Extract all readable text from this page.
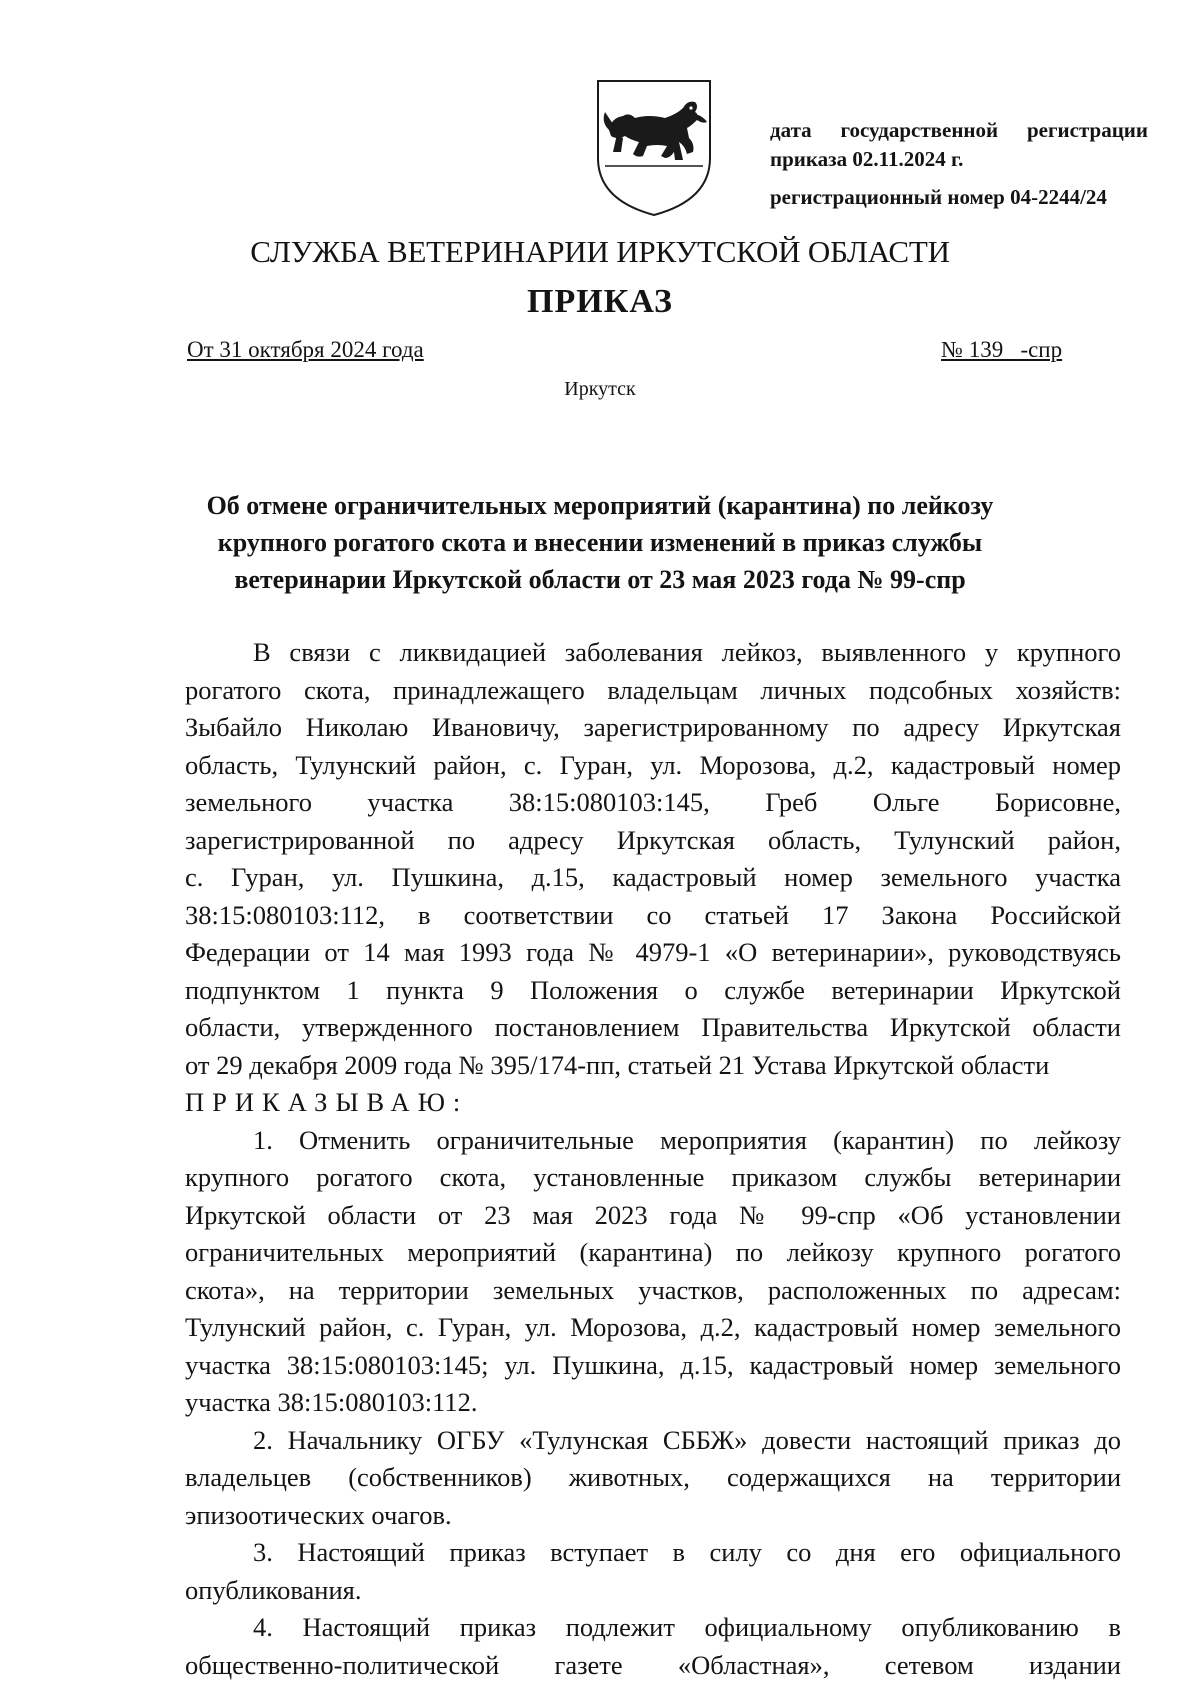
дата государственной регистрации
приказа 02.11.2024 г.
регистрационный номер 04-2244/24
СЛУЖБА ВЕТЕРИНАРИИ ИРКУТСКОЙ ОБЛАСТИ
ПРИКАЗ
От 31 октября 2024 года	№ 139   -спр
Иркутск
Об отмене ограничительных мероприятий (карантина) по лейкозу
крупного рогатого скота и внесении изменений в приказ службы
ветеринарии Иркутской области от 23 мая 2023 года № 99-спр
В связи с ликвидацией заболевания лейкоз, выявленного у крупного
рогатого скота, принадлежащего владельцам личных подсобных хозяйств:
Зыбайло Николаю Ивановичу, зарегистрированному по адресу Иркутская
область, Тулунский район, с. Гуран, ул. Морозова, д.2, кадастровый номер
земельного участка 38:15:080103:145, Греб Ольге Борисовне,
зарегистрированной по адресу Иркутская область, Тулунский район,
с. Гуран, ул. Пушкина, д.15, кадастровый номер земельного участка
38:15:080103:112, в соответствии со статьей 17 Закона Российской
Федерации от 14 мая 1993 года № 4979-1 «О ветеринарии», руководствуясь
подпунктом 1 пункта 9 Положения о службе ветеринарии Иркутской
области, утвержденного постановлением Правительства Иркутской области
от 29 декабря 2009 года № 395/174-пп, статьей 21 Устава Иркутской области
ПРИКАЗЫВАЮ:
1. Отменить ограничительные мероприятия (карантин) по лейкозу
крупного рогатого скота, установленные приказом службы ветеринарии
Иркутской области от 23 мая 2023 года № 99-спр «Об установлении
ограничительных мероприятий (карантина) по лейкозу крупного рогатого
скота», на территории земельных участков, расположенных по адресам:
Тулунский район, с. Гуран, ул. Морозова, д.2, кадастровый номер земельного
участка 38:15:080103:145; ул. Пушкина, д.15, кадастровый номер земельного
участка 38:15:080103:112.
2. Начальнику ОГБУ «Тулунская СББЖ» довести настоящий приказ до
владельцев (собственников) животных, содержащихся на территории
эпизоотических очагов.
3. Настоящий приказ вступает в силу со дня его официального
опубликования.
4. Настоящий приказ подлежит официальному опубликованию в
общественно-политической газете «Областная», сетевом издании
